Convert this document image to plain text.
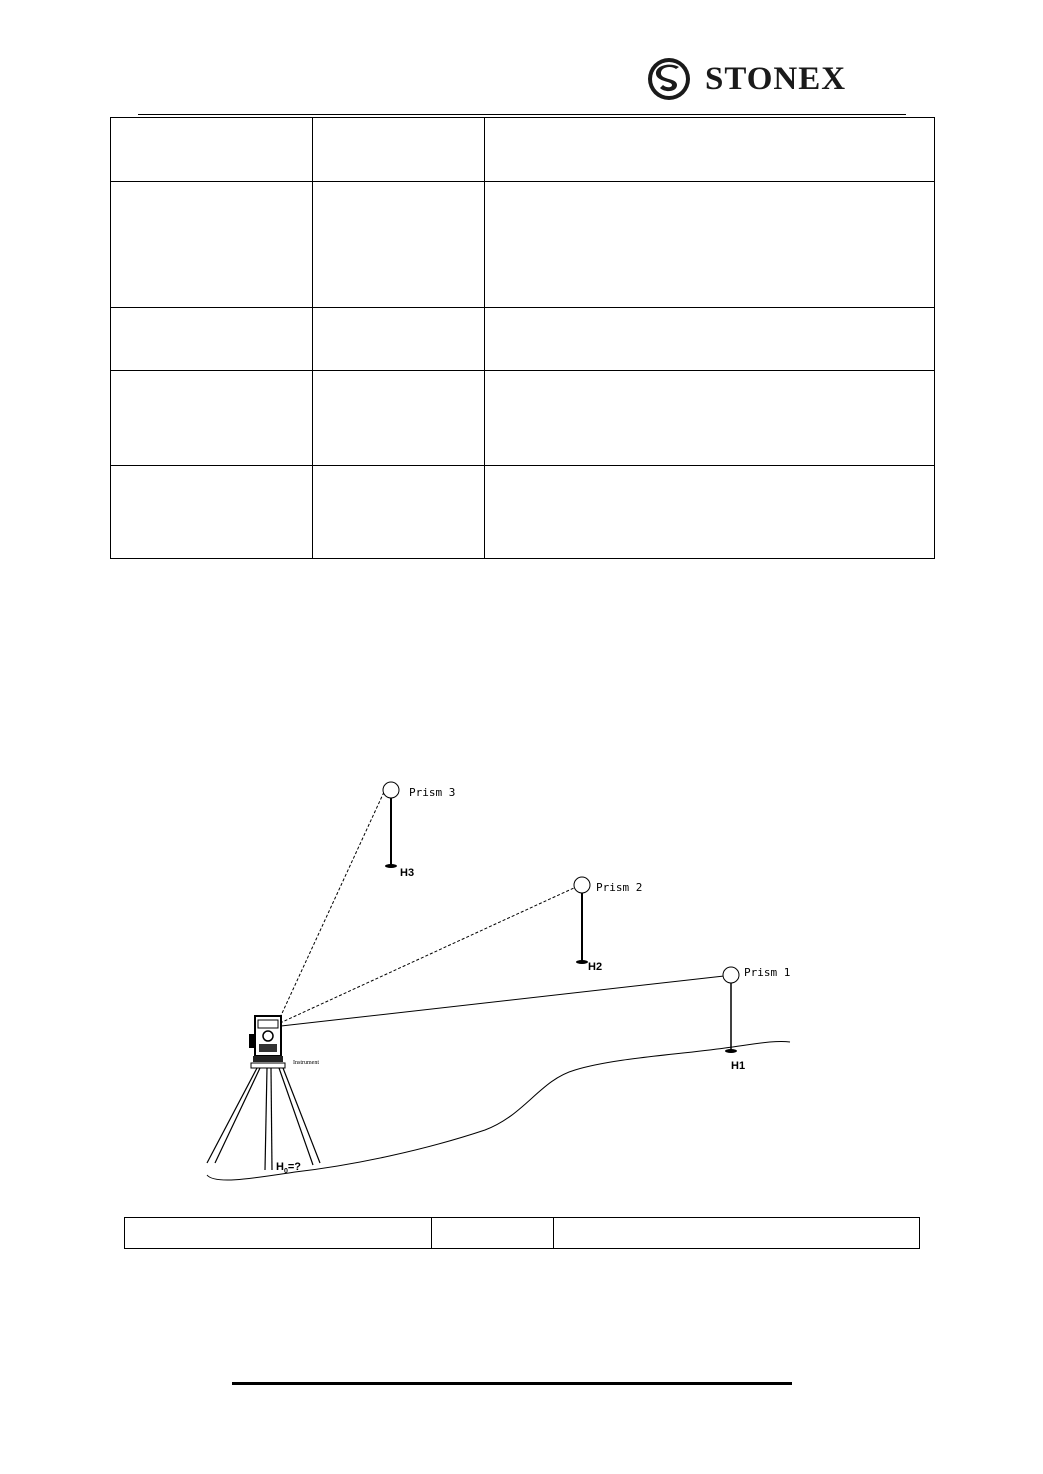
STONEX

Prism 3
H3
Prism 2
H2	Prism 1
H1
Instrument
$H_0=$?
